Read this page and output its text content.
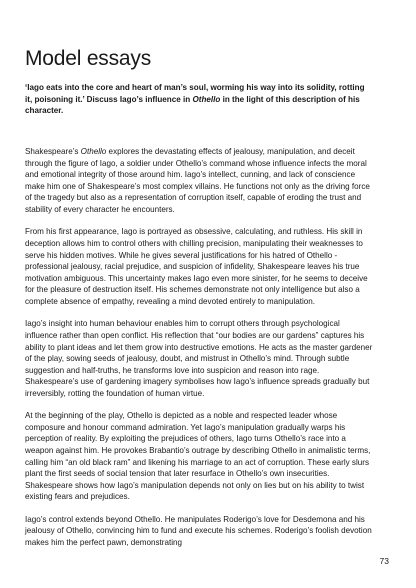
Model essays

‘Iago eats into the core and heart of man’s soul, worming his way into its solidity, rotting it, poisoning it.’ Discuss Iago’s influence in Othello in the light of this description of his character.

Shakespeare’s Othello explores the devastating effects of jealousy, manipulation, and deceit through the figure of Iago, a soldier under Othello’s command whose influence infects the moral and emotional integrity of those around him. Iago’s intellect, cunning, and lack of conscience make him one of Shakespeare’s most complex villains. He functions not only as the driving force of the tragedy but also as a representation of corruption itself, capable of eroding the trust and stability of every character he encounters.

From his first appearance, Iago is portrayed as obsessive, calculating, and ruthless. His skill in deception allows him to control others with chilling precision, manipulating their weaknesses to serve his hidden motives. While he gives several justifications for his hatred of Othello - professional jealousy, racial prejudice, and suspicion of infidelity, Shakespeare leaves his true motivation ambiguous. This uncertainty makes Iago even more sinister, for he seems to deceive for the pleasure of destruction itself. His schemes demonstrate not only intelligence but also a complete absence of empathy, revealing a mind devoted entirely to manipulation.

Iago’s insight into human behaviour enables him to corrupt others through psychological influence rather than open conflict. His reflection that “our bodies are our gardens” captures his ability to plant ideas and let them grow into destructive emotions. He acts as the master gardener of the play, sowing seeds of jealousy, doubt, and mistrust in Othello’s mind. Through subtle suggestion and half-truths, he transforms love into suspicion and reason into rage. Shakespeare’s use of gardening imagery symbolises how Iago’s influence spreads gradually but irreversibly, rotting the foundation of human virtue.

At the beginning of the play, Othello is depicted as a noble and respected leader whose composure and honour command admiration. Yet Iago’s manipulation gradually warps his perception of reality. By exploiting the prejudices of others, Iago turns Othello’s race into a weapon against him. He provokes Brabantio’s outrage by describing Othello in animalistic terms, calling him “an old black ram” and likening his marriage to an act of corruption. These early slurs plant the first seeds of social tension that later resurface in Othello’s own insecurities. Shakespeare shows how Iago’s manipulation depends not only on lies but on his ability to twist existing fears and prejudices.

Iago’s control extends beyond Othello. He manipulates Roderigo’s love for Desdemona and his jealousy of Othello, convincing him to fund and execute his schemes. Roderigo’s foolish devotion makes him the perfect pawn, demonstrating

73
